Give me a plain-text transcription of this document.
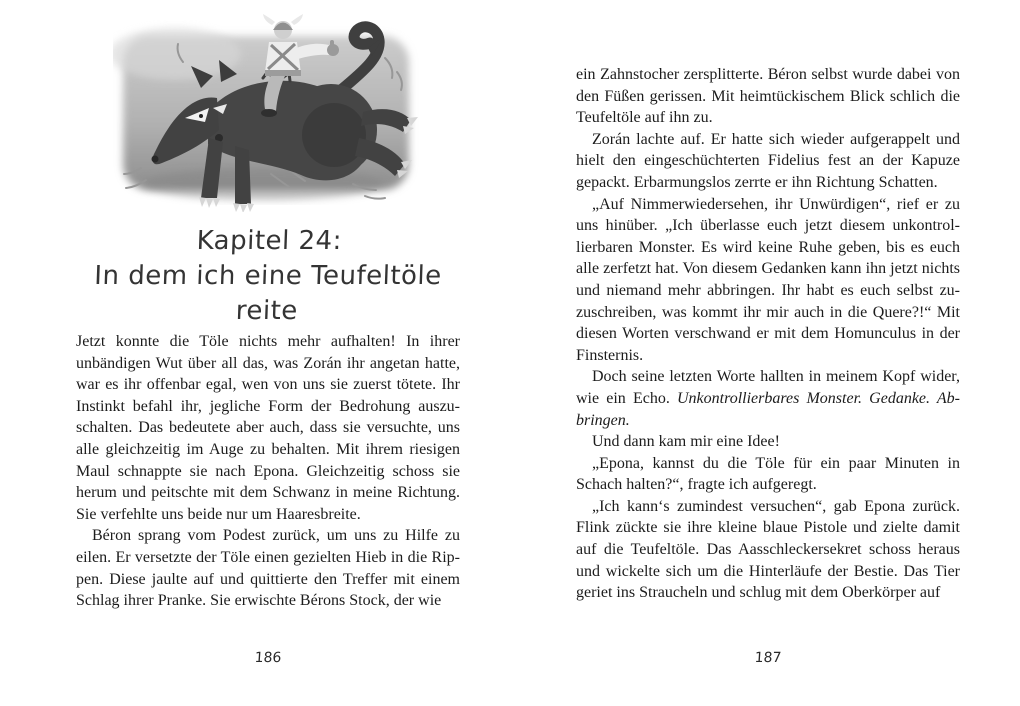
Kapitel 24:
In dem ich eine Teufeltöle reite

Jetzt konnte die Töle nichts mehr aufhalten! In ihrer unbändigen Wut über all das, was Zorán ihr angetan hatte, war es ihr offenbar egal, wen von uns sie zuerst tötete. Ihr Instinkt befahl ihr, jegliche Form der Bedrohung auszuschalten. Das bedeutete aber auch, dass sie versuchte, uns alle gleichzeitig im Auge zu behalten. Mit ihrem riesigen Maul schnappte sie nach Epona. Gleichzeitig schoss sie herum und peitschte mit dem Schwanz in meine Richtung. Sie verfehlte uns beide nur um Haaresbreite.

Béron sprang vom Podest zurück, um uns zu Hilfe zu eilen. Er versetzte der Töle einen gezielten Hieb in die Rippen. Diese jaulte auf und quittierte den Treffer mit einem Schlag ihrer Pranke. Sie erwischte Bérons Stock, der wie

186

ein Zahnstocher zersplitterte. Béron selbst wurde dabei von den Füßen gerissen. Mit heimtückischem Blick schlich die Teufeltöle auf ihn zu.

Zorán lachte auf. Er hatte sich wieder aufgerappelt und hielt den eingeschüchterten Fidelius fest an der Kapuze gepackt. Erbarmungslos zerrte er ihn Richtung Schatten.

„Auf Nimmerwiedersehen, ihr Unwürdigen“, rief er zu uns hinüber. „Ich überlasse euch jetzt diesem unkontrollierbaren Monster. Es wird keine Ruhe geben, bis es euch alle zerfetzt hat. Von diesem Gedanken kann ihn jetzt nichts und niemand mehr abbringen. Ihr habt es euch selbst zuzuschreiben, was kommt ihr mir auch in die Quere?!“ Mit diesen Worten verschwand er mit dem Homunculus in der Finsternis.

Doch seine letzten Worte hallten in meinem Kopf wider, wie ein Echo. Unkontrollierbares Monster. Gedanke. Abbringen.

Und dann kam mir eine Idee!

„Epona, kannst du die Töle für ein paar Minuten in Schach halten?“, fragte ich aufgeregt.

„Ich kann‘s zumindest versuchen“, gab Epona zurück. Flink zückte sie ihre kleine blaue Pistole und zielte damit auf die Teufeltöle. Das Aasschleckersekret schoss heraus und wickelte sich um die Hinterläufe der Bestie. Das Tier geriet ins Straucheln und schlug mit dem Oberkörper auf

187
